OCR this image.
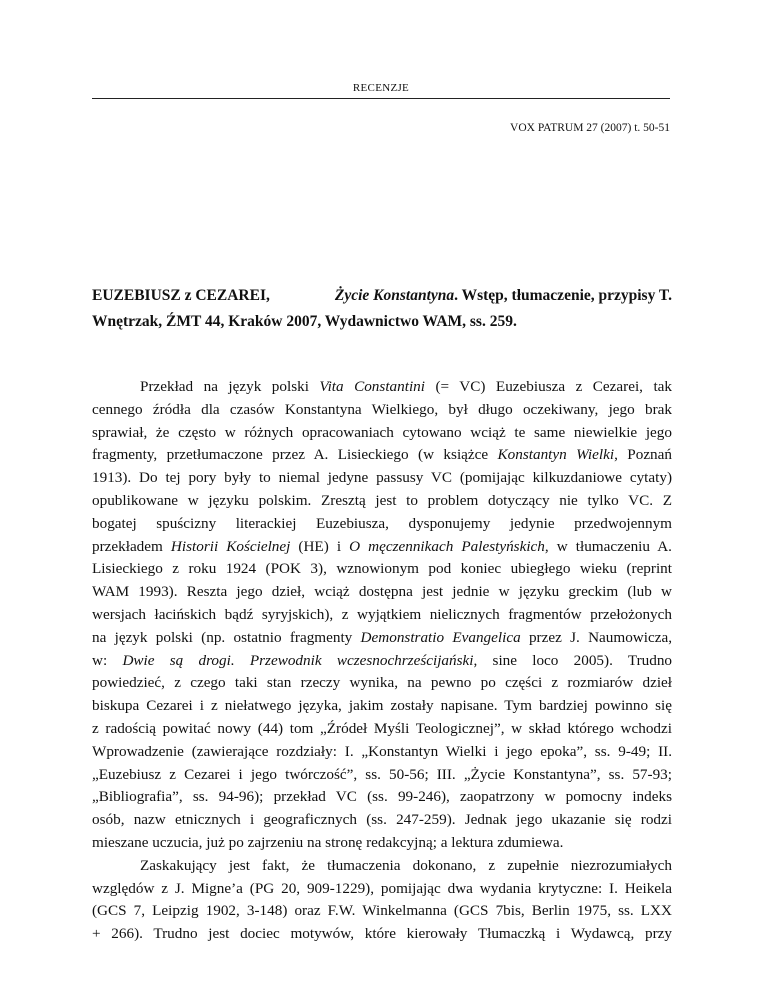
RECENZJE
VOX PATRUM 27 (2007) t. 50-51
EUZEBIUSZ z CEZAREI,	Życie Konstantyna. Wstęp, tłumaczenie, przypisy T.
Wnętrzak, ŹMT 44, Kraków 2007, Wydawnictwo WAM, ss. 259.

Przekład na język polski Vita Constantini (= VC) Euzebiusza z Cezarei, tak
cennego źródła dla czasów Konstantyna Wielkiego, był długo oczekiwany, jego brak
sprawiał, że często w różnych opracowaniach cytowano wciąż te same niewielkie jego
fragmenty, przetłumaczone przez A. Lisieckiego (w książce Konstantyn Wielki, Poznań
1913). Do tej pory były to niemal jedyne passusy VC (pomijając kilkuzdaniowe cytaty)
opublikowane w języku polskim. Zresztą jest to problem dotyczący nie tylko VC. Z
bogatej spuścizny literackiej Euzebiusza, dysponujemy jedynie przedwojennym
przekładem Historii Kościelnej (HE) i O męczennikach Palestyńskich, w tłumaczeniu A.
Lisieckiego z roku 1924 (POK 3), wznowionym pod koniec ubiegłego wieku (reprint
WAM 1993). Reszta jego dzieł, wciąż dostępna jest jednie w języku greckim (lub w
wersjach łacińskich bądź syryjskich), z wyjątkiem nielicznych fragmentów przełożonych
na język polski (np. ostatnio fragmenty Demonstratio Evangelica przez J. Naumowicza,
w: Dwie są drogi. Przewodnik wczesnochrześcijański, sine loco 2005). Trudno
powiedzieć, z czego taki stan rzeczy wynika, na pewno po części z rozmiarów dzieł
biskupa Cezarei i z niełatwego języka, jakim zostały napisane. Tym bardziej powinno się
z radością powitać nowy (44) tom „Źródeł Myśli Teologicznej”, w skład którego wchodzi
Wprowadzenie (zawierające rozdziały: I. „Konstantyn Wielki i jego epoka”, ss. 9-49; II.
„Euzebiusz z Cezarei i jego twórczość”, ss. 50-56; III. „Życie Konstantyna”, ss. 57-93;
„Bibliografia”, ss. 94-96); przekład VC (ss. 99-246), zaopatrzony w pomocny indeks
osób, nazw etnicznych i geograficznych (ss. 247-259). Jednak jego ukazanie się rodzi
mieszane uczucia, już po zajrzeniu na stronę redakcyjną; a lektura zdumiewa.

Zaskakujący jest fakt, że tłumaczenia dokonano, z zupełnie niezrozumiałych
względów z J. Migne’a (PG 20, 909-1229), pomijając dwa wydania krytyczne: I. Heikela
(GCS 7, Leipzig 1902, 3-148) oraz F.W. Winkelmanna (GCS 7bis, Berlin 1975, ss. LXX
+ 266). Trudno jest dociec motywów, które kierowały Tłumaczką i Wydawcą, przy
